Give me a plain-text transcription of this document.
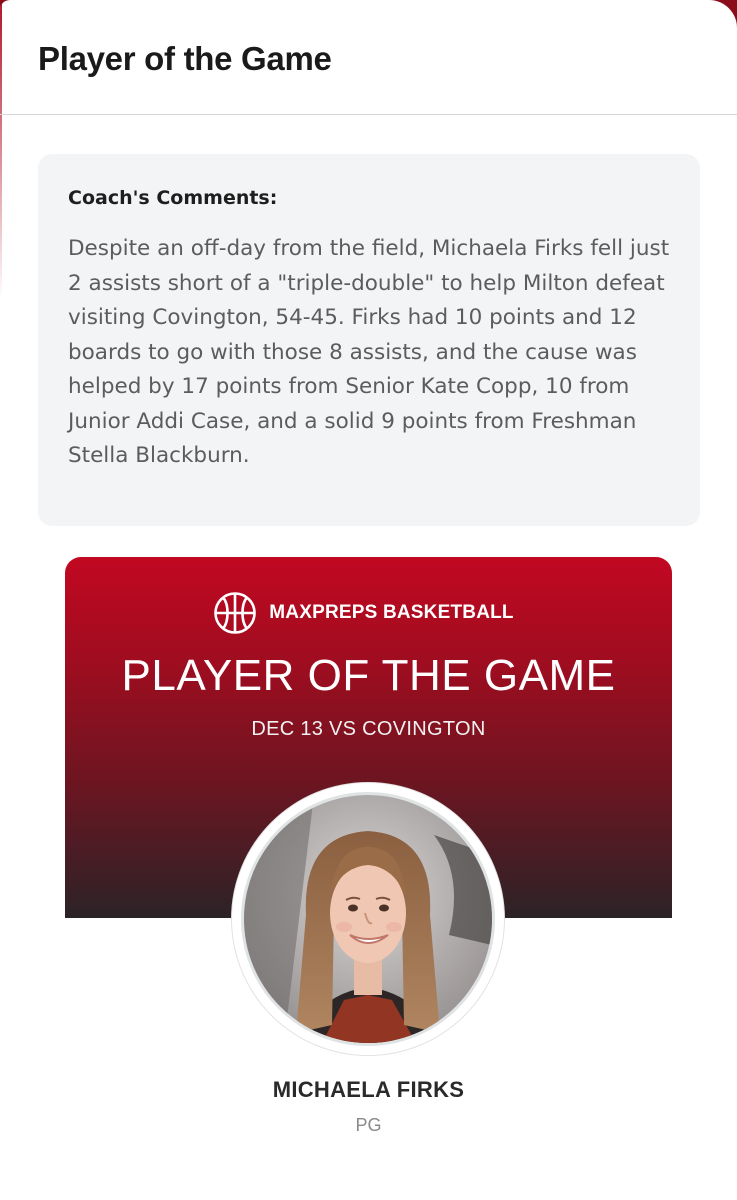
Player of the Game
Coach's Comments:

Despite an off-day from the field, Michaela Firks fell just 2 assists short of a "triple-double" to help Milton defeat visiting Covington, 54-45. Firks had 10 points and 12 boards to go with those 8 assists, and the cause was helped by 17 points from Senior Kate Copp, 10 from Junior Addi Case, and a solid 9 points from Freshman Stella Blackburn.

MAXPREPS BASKETBALL
PLAYER OF THE GAME
DEC 13 VS COVINGTON
MICHAELA FIRKS
PG
